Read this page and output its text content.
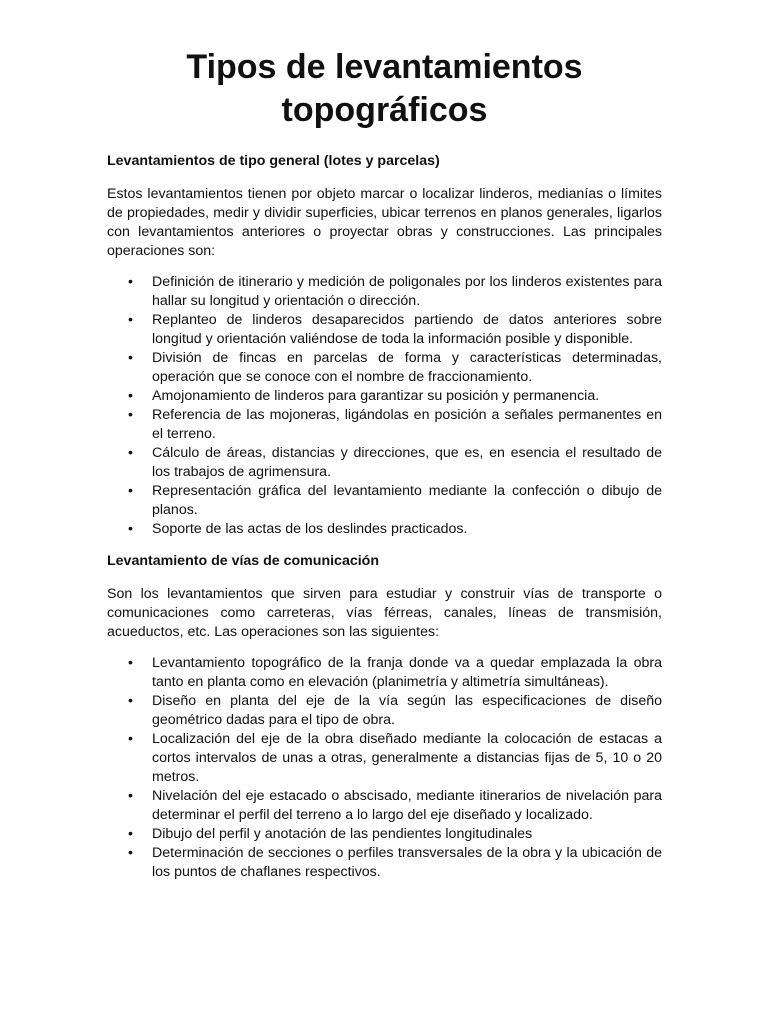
Tipos de levantamientos
topográficos
Levantamientos de tipo general (lotes y parcelas)

Estos levantamientos tienen por objeto marcar o localizar linderos, medianías o límites de propiedades, medir y dividir superficies, ubicar terrenos en planos generales, ligarlos con levantamientos anteriores o proyectar obras y construcciones. Las principales operaciones son:

•	Definición de itinerario y medición de poligonales por los linderos existentes para hallar su longitud y orientación o dirección.
•	Replanteo de linderos desaparecidos partiendo de datos anteriores sobre longitud y orientación valiéndose de toda la información posible y disponible.
•	División de fincas en parcelas de forma y características determinadas, operación que se conoce con el nombre de fraccionamiento.
•	Amojonamiento de linderos para garantizar su posición y permanencia.
•	Referencia de las mojoneras, ligándolas en posición a señales permanentes en el terreno.
•	Cálculo de áreas, distancias y direcciones, que es, en esencia el resultado de los trabajos de agrimensura.
•	Representación gráfica del levantamiento mediante la confección o dibujo de planos.
•	Soporte de las actas de los deslindes practicados.
Levantamiento de vías de comunicación

Son los levantamientos que sirven para estudiar y construir vías de transporte o comunicaciones como carreteras, vías férreas, canales, líneas de transmisión, acueductos, etc. Las operaciones son las siguientes:

•	Levantamiento topográfico de la franja donde va a quedar emplazada la obra tanto en planta como en elevación (planimetría y altimetría simultáneas).
•	Diseño en planta del eje de la vía según las especificaciones de diseño geométrico dadas para el tipo de obra.
•	Localización del eje de la obra diseñado mediante la colocación de estacas a cortos intervalos de unas a otras, generalmente a distancias fijas de 5, 10 o 20 metros.
•	Nivelación del eje estacado o abscisado, mediante itinerarios de nivelación para determinar el perfil del terreno a lo largo del eje diseñado y localizado.
•	Dibujo del perfil y anotación de las pendientes longitudinales
•	Determinación de secciones o perfiles transversales de la obra y la ubicación de los puntos de chaflanes respectivos.
